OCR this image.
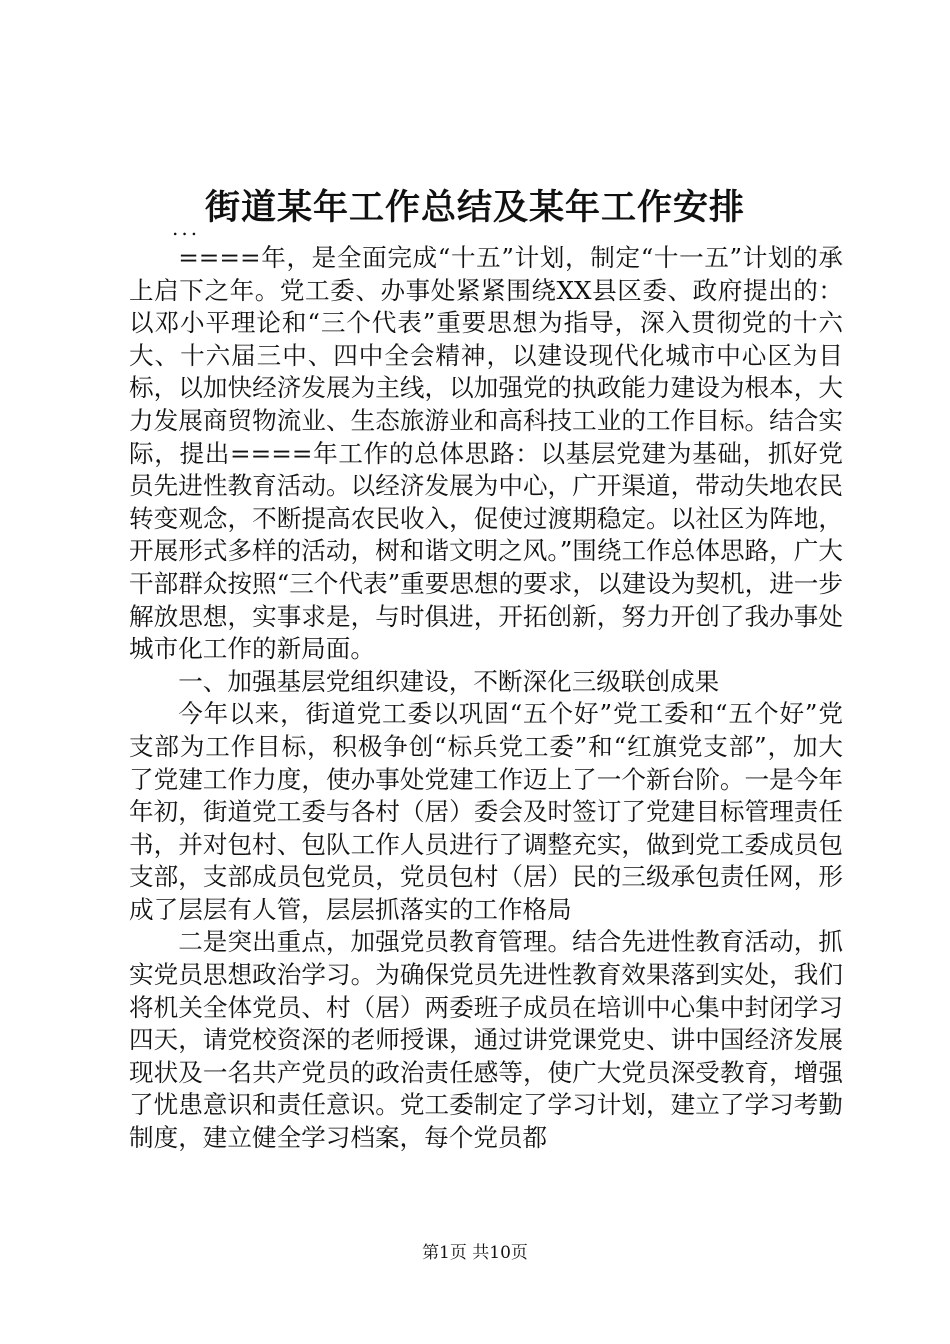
街道某年工作总结及某年工作安排
...

====年，是全面完成“十五”计划，制定“十一五”计划的承上启下之年。党工委、办事处紧紧围绕XX县区委、政府提出的：以邓小平理论和“三个代表”重要思想为指导，深入贯彻党的十六大、十六届三中、四中全会精神，以建设现代化城市中心区为目标，以加快经济发展为主线，以加强党的执政能力建设为根本，大力发展商贸物流业、生态旅游业和高科技工业的工作目标。结合实际，提出====年工作的总体思路：以基层党建为基础，抓好党员先进性教育活动。以经济发展为中心，广开渠道，带动失地农民转变观念，不断提高农民收入，促使过渡期稳定。以社区为阵地，开展形式多样的活动，树和谐文明之风。”围绕工作总体思路，广大干部群众按照“三个代表”重要思想的要求，以建设为契机，进一步解放思想，实事求是，与时俱进，开拓创新，努力开创了我办事处城市化工作的新局面。

一、加强基层党组织建设，不断深化三级联创成果

今年以来，街道党工委以巩固“五个好”党工委和“五个好”党支部为工作目标，积极争创“标兵党工委”和“红旗党支部”，加大了党建工作力度，使办事处党建工作迈上了一个新台阶。一是今年年初，街道党工委与各村（居）委会及时签订了党建目标管理责任书，并对包村、包队工作人员进行了调整充实，做到党工委成员包支部，支部成员包党员，党员包村（居）民的三级承包责任网，形成了层层有人管，层层抓落实的工作格局

二是突出重点，加强党员教育管理。结合先进性教育活动，抓实党员思想政治学习。为确保党员先进性教育效果落到实处，我们将机关全体党员、村（居）两委班子成员在培训中心集中封闭学习四天，请党校资深的老师授课，通过讲党课党史、讲中国经济发展现状及一名共产党员的政治责任感等，使广大党员深受教育，增强了忧患意识和责任意识。党工委制定了学习计划，建立了学习考勤制度，建立健全学习档案，每个党员都

第1页 共10页
